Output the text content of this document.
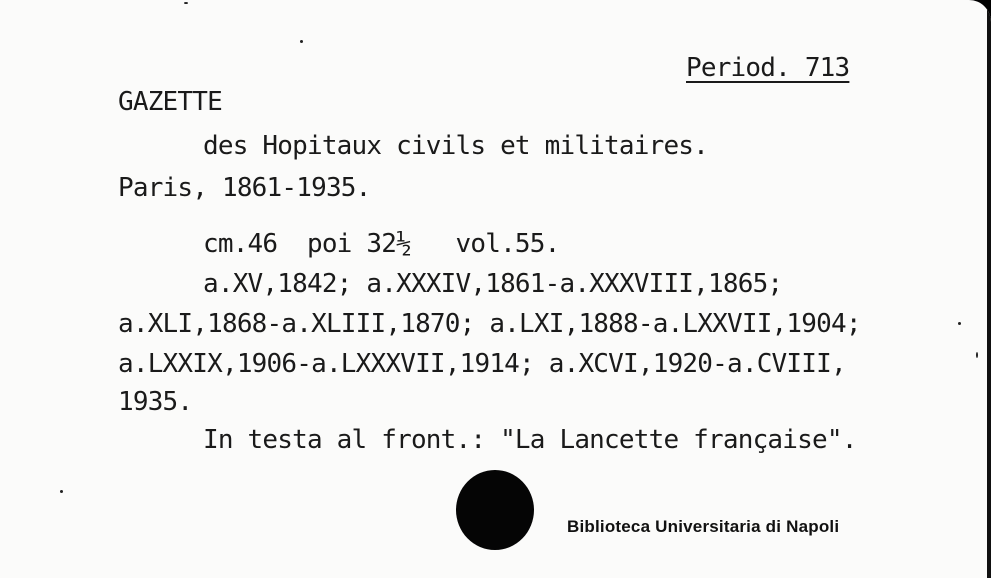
Period. 713
GAZETTE
des Hopitaux civils et militaires.
Paris, 1861-1935.
cm.46  poi 32½   vol.55.
a.XV,1842; a.XXXIV,1861-a.XXXVIII,1865;
a.XLI,1868-a.XLIII,1870; a.LXI,1888-a.LXXVII,1904;
a.LXXIX,1906-a.LXXXVII,1914; a.XCVI,1920-a.CVIII,
1935.
In testa al front.: "La Lancette française".
Biblioteca Universitaria di Napoli
